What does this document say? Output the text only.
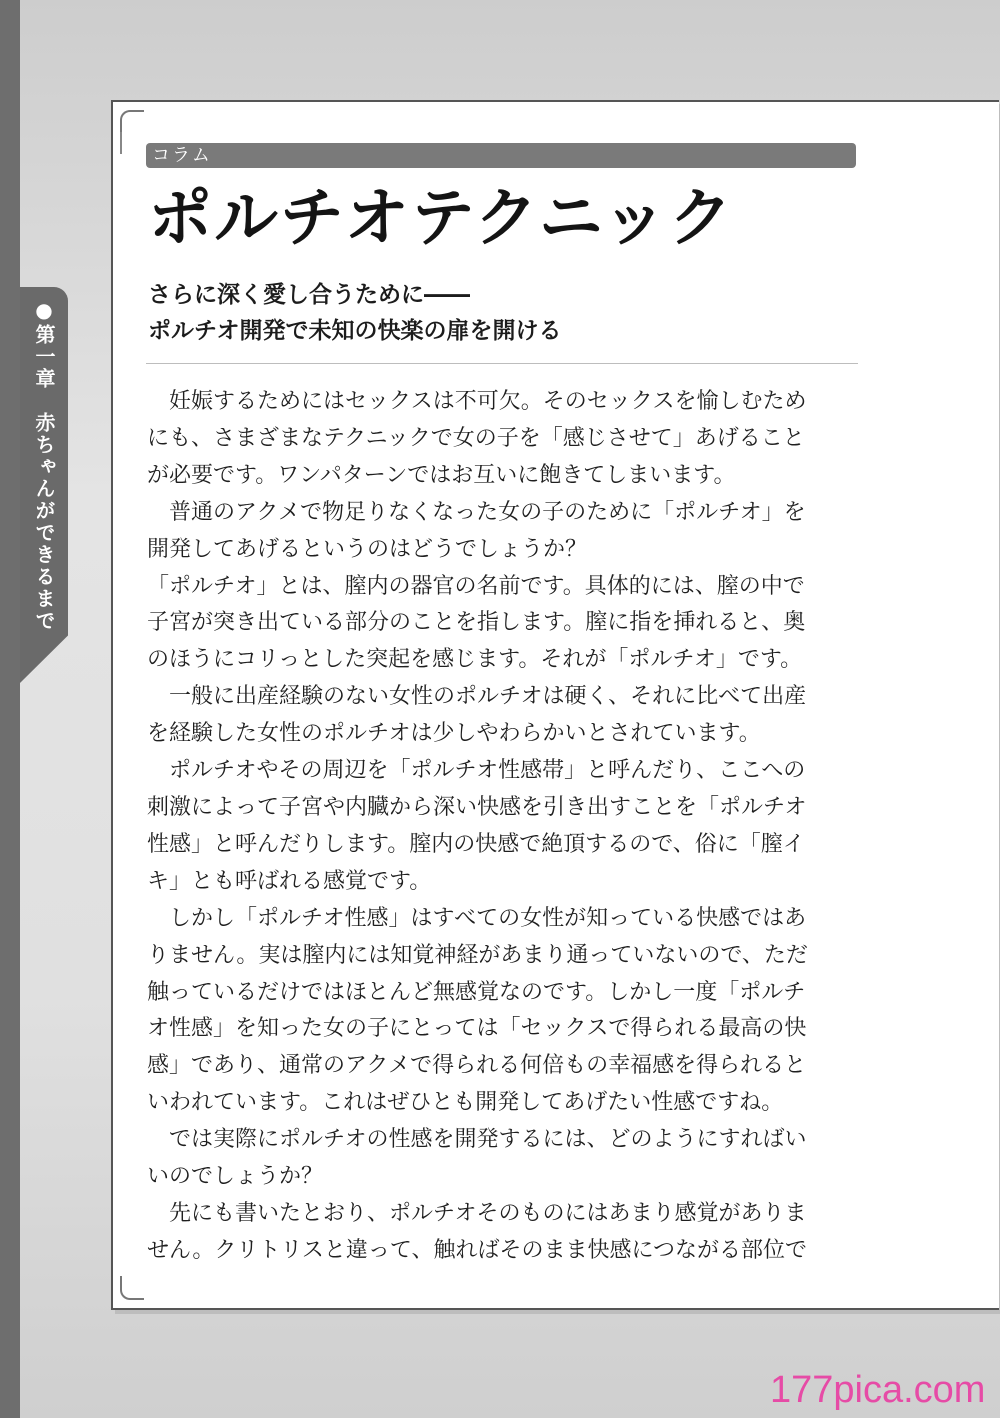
●第一章　赤ちゃんができるまで
コラム
ポルチオテクニック
さらに深く愛し合うために――
ポルチオ開発で未知の快楽の扉を開ける
　妊娠するためにはセックスは不可欠。そのセックスを愉しむため
にも、さまざまなテクニックで女の子を「感じさせて」あげること
が必要です。ワンパターンではお互いに飽きてしまいます。
　普通のアクメで物足りなくなった女の子のために「ポルチオ」を
開発してあげるというのはどうでしょうか？
「ポルチオ」とは、膣内の器官の名前です。具体的には、膣の中で
子宮が突き出ている部分のことを指します。膣に指を挿れると、奥
のほうにコリっとした突起を感じます。それが「ポルチオ」です。
　一般に出産経験のない女性のポルチオは硬く、それに比べて出産
を経験した女性のポルチオは少しやわらかいとされています。
　ポルチオやその周辺を「ポルチオ性感帯」と呼んだり、ここへの
刺激によって子宮や内臓から深い快感を引き出すことを「ポルチオ
性感」と呼んだりします。膣内の快感で絶頂するので、俗に「膣イ
キ」とも呼ばれる感覚です。
　しかし「ポルチオ性感」はすべての女性が知っている快感ではあ
りません。実は膣内には知覚神経があまり通っていないので、ただ
触っているだけではほとんど無感覚なのです。しかし一度「ポルチ
オ性感」を知った女の子にとっては「セックスで得られる最高の快
感」であり、通常のアクメで得られる何倍もの幸福感を得られると
いわれています。これはぜひとも開発してあげたい性感ですね。
　では実際にポルチオの性感を開発するには、どのようにすればい
いのでしょうか？
　先にも書いたとおり、ポルチオそのものにはあまり感覚がありま
せん。クリトリスと違って、触ればそのまま快感につながる部位で
177pica.com
